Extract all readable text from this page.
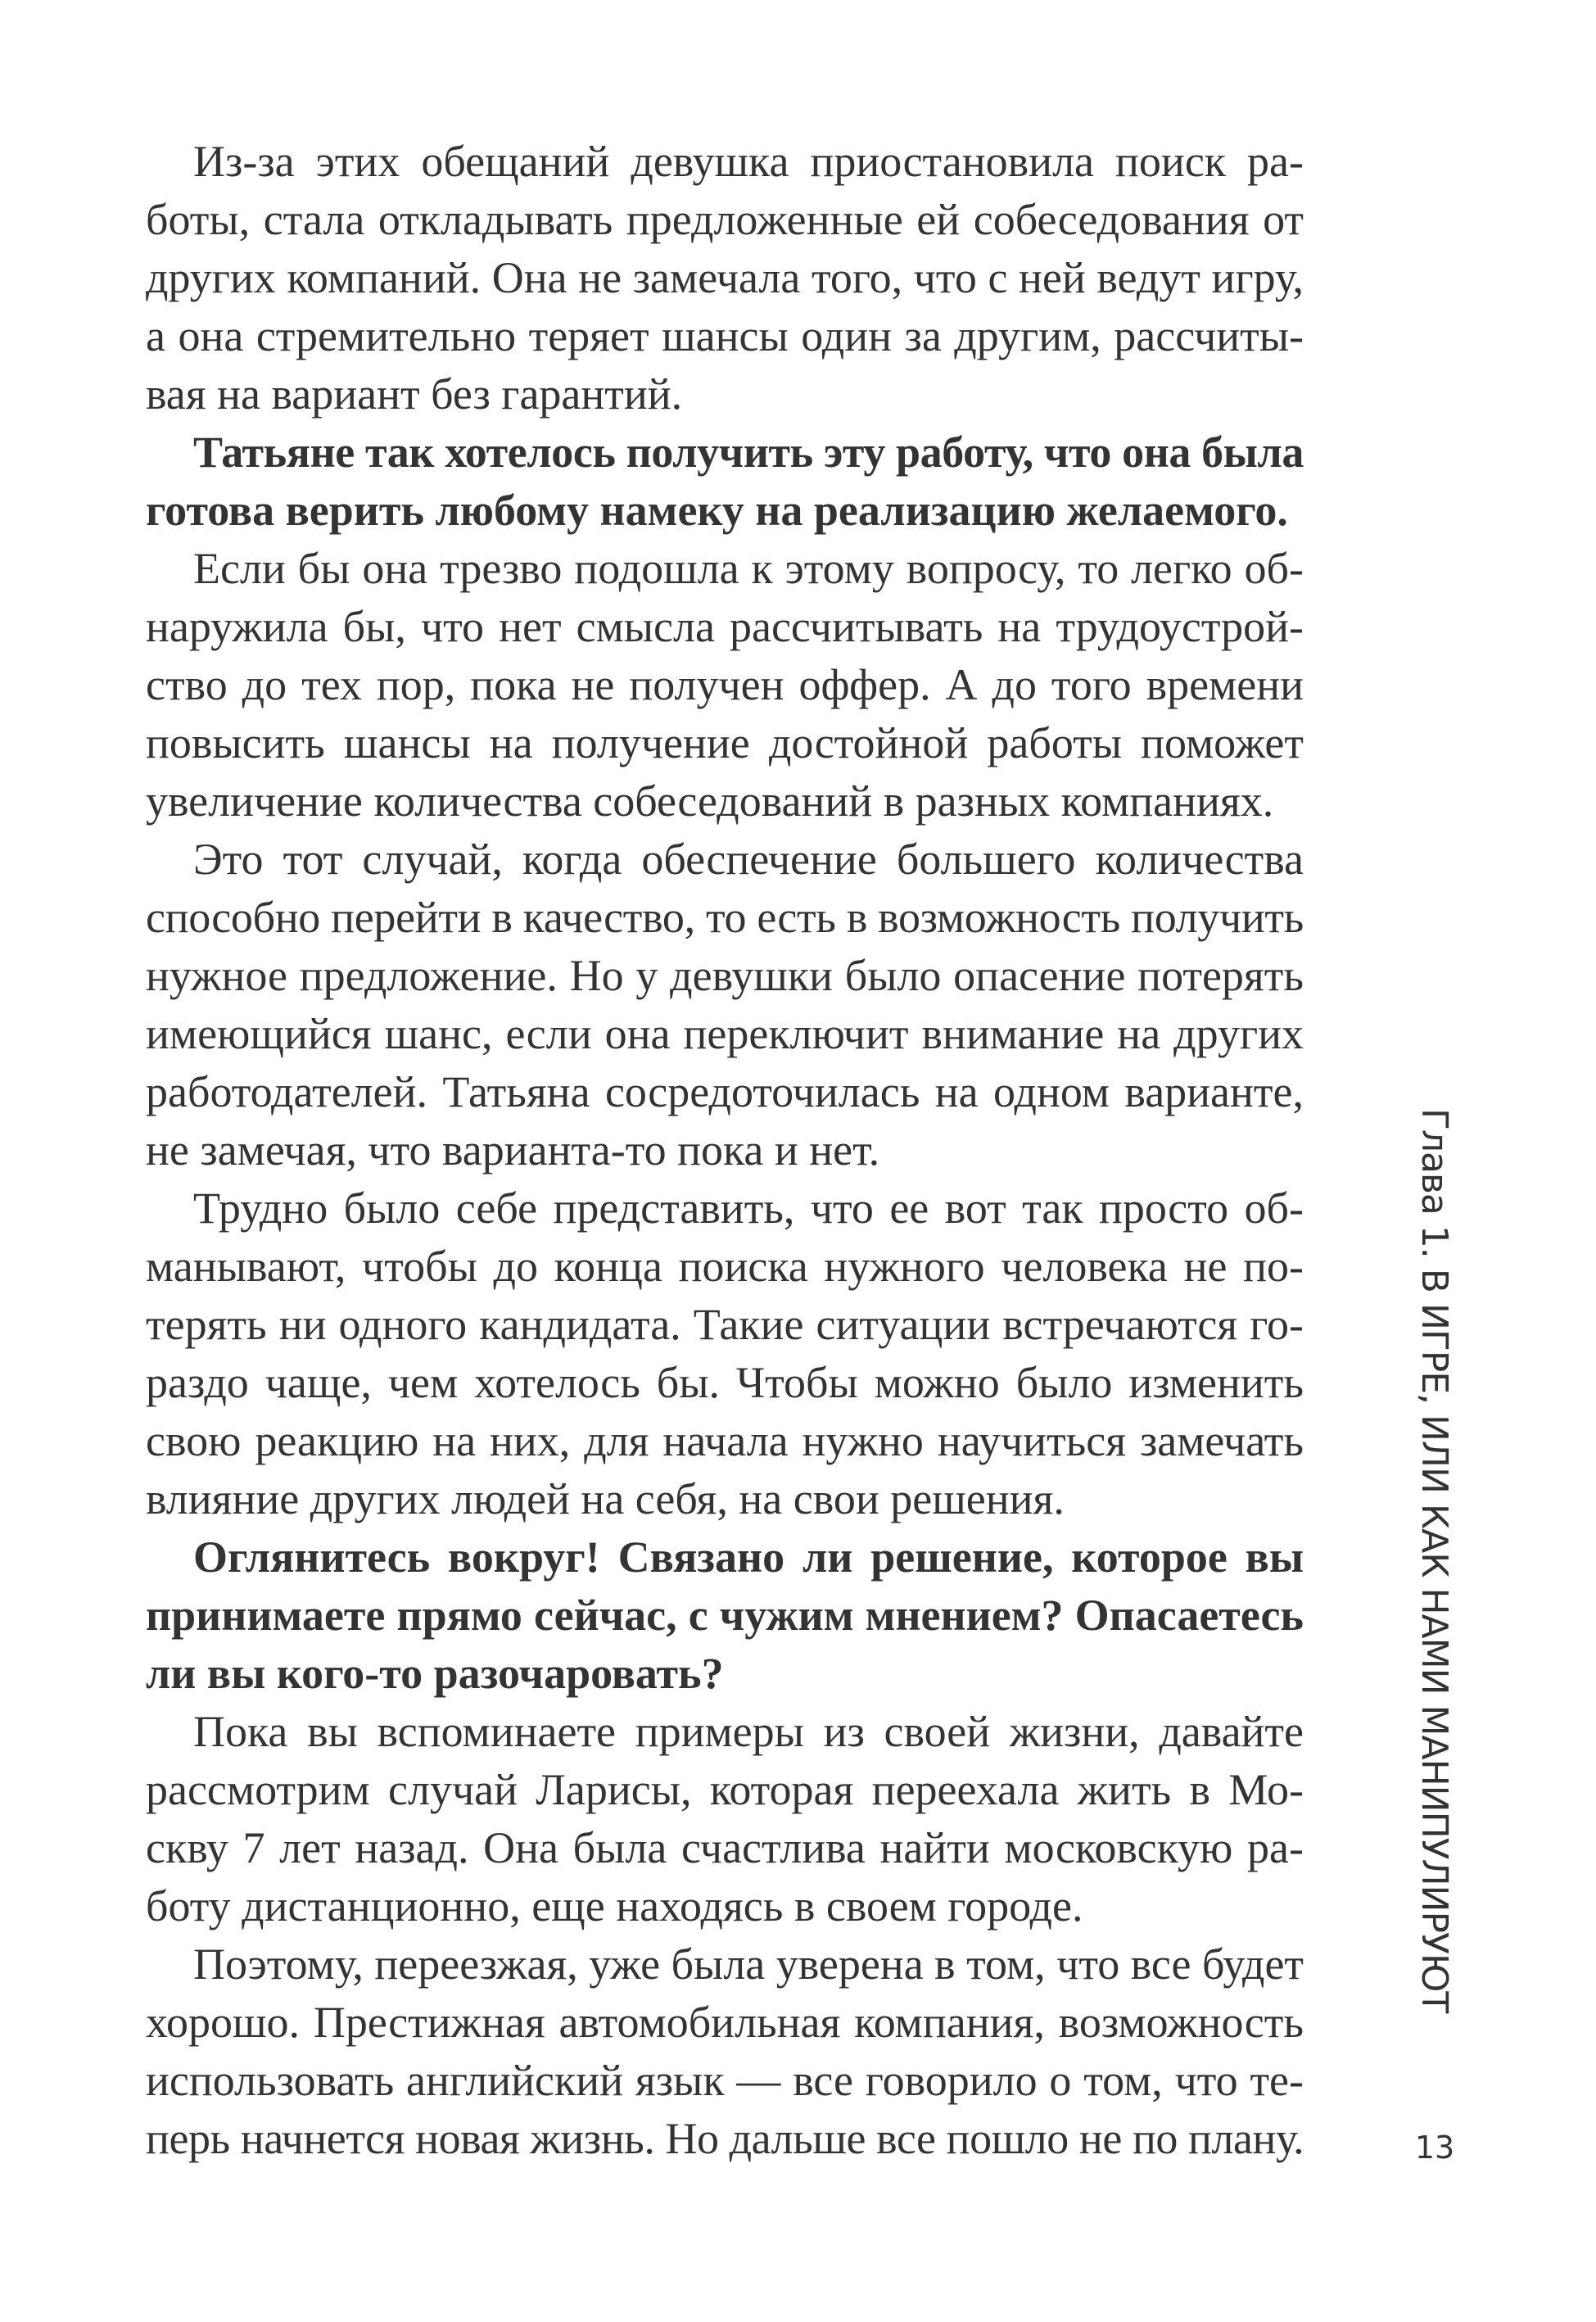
Из-за этих обещаний девушка приостановила поиск ра-
боты, стала откладывать предложенные ей собеседования от
других компаний. Она не замечала того, что с ней ведут игру,
а она стремительно теряет шансы один за другим, рассчиты-
вая на вариант без гарантий.
Татьяне так хотелось получить эту работу, что она была
готова верить любому намеку на реализацию желаемого.
Если бы она трезво подошла к этому вопросу, то легко об-
наружила бы, что нет смысла рассчитывать на трудоустрой-
ство до тех пор, пока не получен оффер. А до того времени
повысить шансы на получение достойной работы поможет
увеличение количества собеседований в разных компаниях.
Это тот случай, когда обеспечение большего количества
способно перейти в качество, то есть в возможность получить
нужное предложение. Но у девушки было опасение потерять
имеющийся шанс, если она переключит внимание на других
работодателей. Татьяна сосредоточилась на одном варианте,
не замечая, что варианта-то пока и нет.
Трудно было себе представить, что ее вот так просто об-
манывают, чтобы до конца поиска нужного человека не по-
терять ни одного кандидата. Такие ситуации встречаются го-
раздо чаще, чем хотелось бы. Чтобы можно было изменить
свою реакцию на них, для начала нужно научиться замечать
влияние других людей на себя, на свои решения.
Оглянитесь вокруг! Связано ли решение, которое вы
принимаете прямо сейчас, с чужим мнением? Опасаетесь
ли вы кого-то разочаровать?
Пока вы вспоминаете примеры из своей жизни, давайте
рассмотрим случай Ларисы, которая переехала жить в Мо-
скву 7 лет назад. Она была счастлива найти московскую ра-
боту дистанционно, еще находясь в своем городе.
Поэтому, переезжая, уже была уверена в том, что все будет
хорошо. Престижная автомобильная компания, возможность
использовать английский язык — все говорило о том, что те-
перь начнется новая жизнь. Но дальше все пошло не по плану.
Глава 1. В ИГРЕ, ИЛИ КАК НАМИ МАНИПУЛИРУЮТ
13
